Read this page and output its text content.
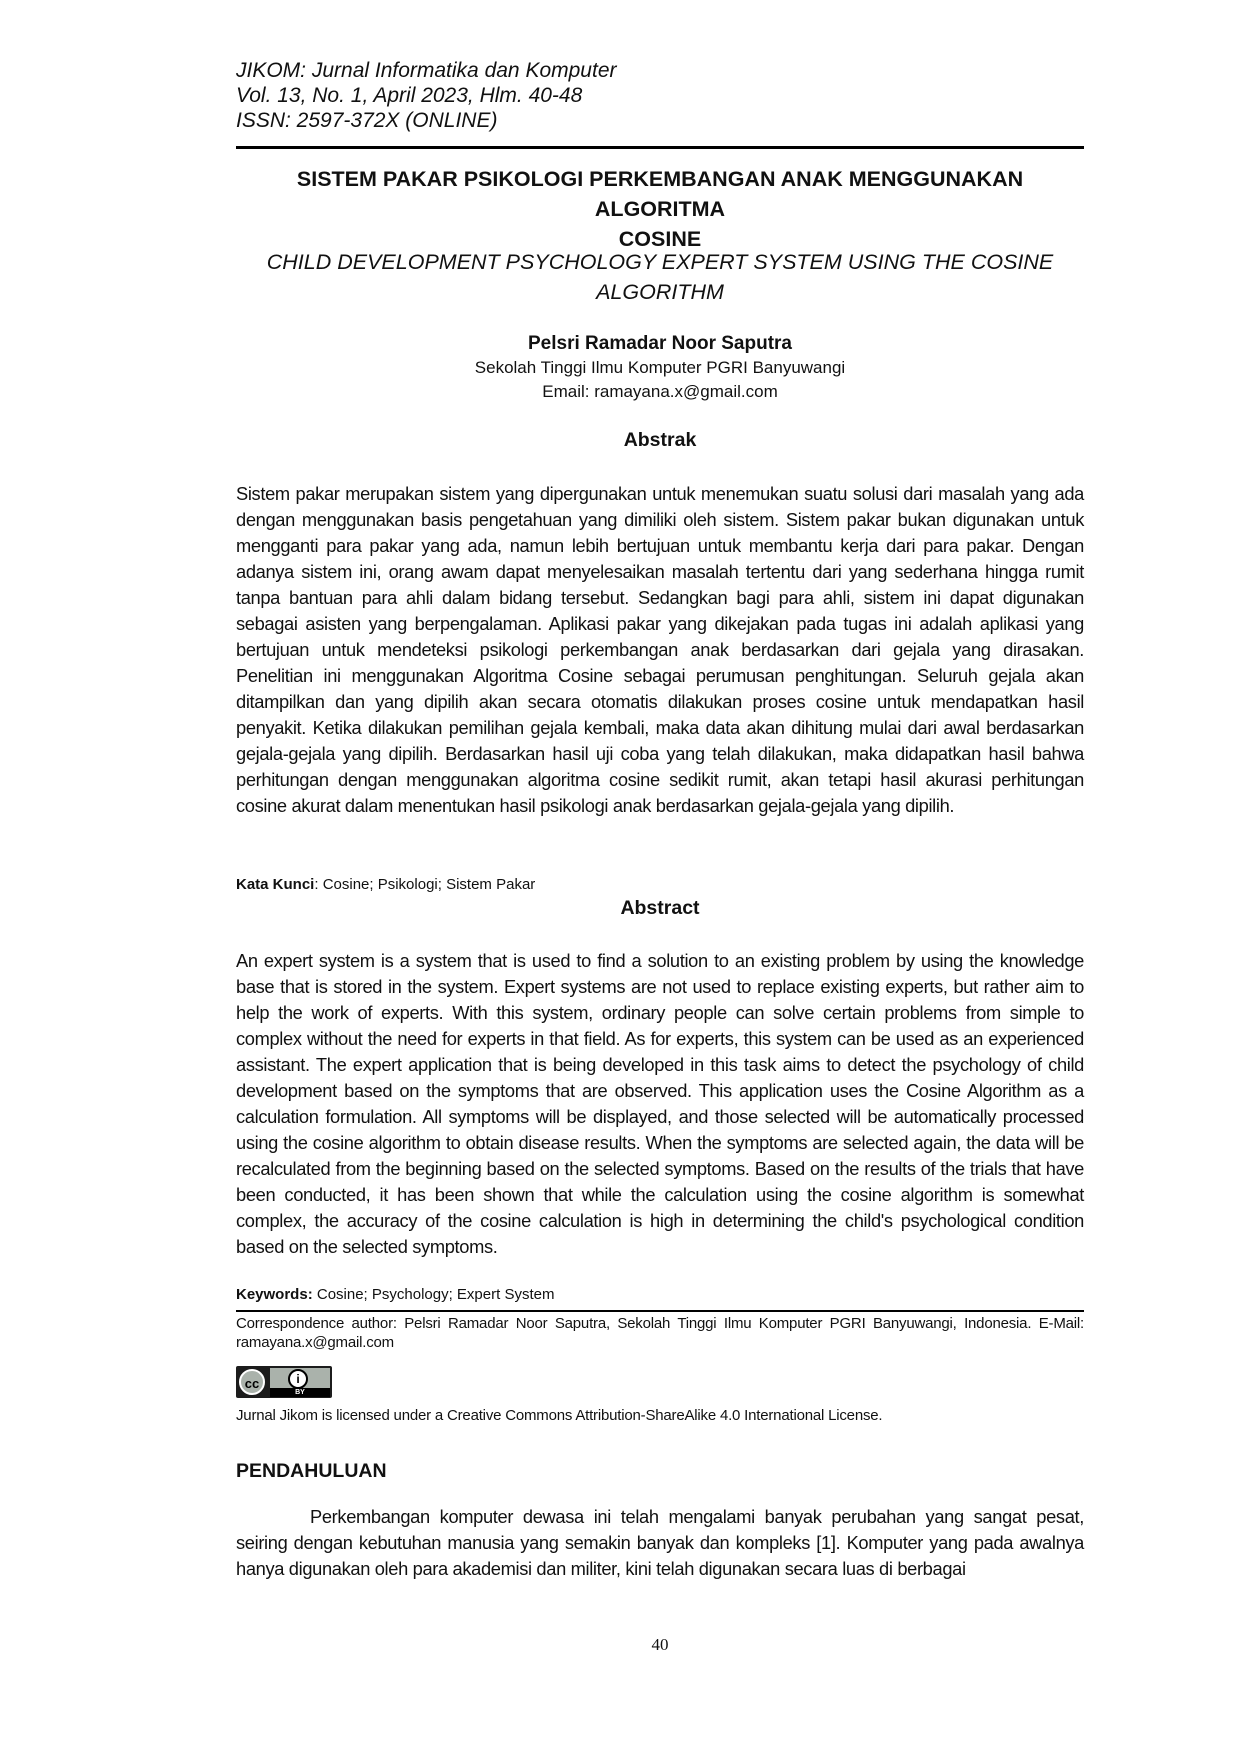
JIKOM: Jurnal Informatika dan Komputer
Vol. 13, No. 1, April 2023, Hlm. 40-48
ISSN: 2597-372X (ONLINE)
SISTEM PAKAR PSIKOLOGI PERKEMBANGAN ANAK MENGGUNAKAN ALGORITMA
COSINE
CHILD DEVELOPMENT PSYCHOLOGY EXPERT SYSTEM USING THE COSINE
ALGORITHM
Pelsri Ramadar Noor Saputra
Sekolah Tinggi Ilmu Komputer PGRI Banyuwangi
Email: ramayana.x@gmail.com
Abstrak

Sistem pakar merupakan sistem yang dipergunakan untuk menemukan suatu solusi dari masalah yang ada dengan menggunakan basis pengetahuan yang dimiliki oleh sistem. Sistem pakar bukan digunakan untuk mengganti para pakar yang ada, namun lebih bertujuan untuk membantu kerja dari para pakar. Dengan adanya sistem ini, orang awam dapat menyelesaikan masalah tertentu dari yang sederhana hingga rumit tanpa bantuan para ahli dalam bidang tersebut. Sedangkan bagi para ahli, sistem ini dapat digunakan sebagai asisten yang berpengalaman. Aplikasi pakar yang dikejakan pada tugas ini adalah aplikasi yang bertujuan untuk mendeteksi psikologi perkembangan anak berdasarkan dari gejala yang dirasakan. Penelitian ini menggunakan Algoritma Cosine sebagai perumusan penghitungan. Seluruh gejala akan ditampilkan dan yang dipilih akan secara otomatis dilakukan proses cosine untuk mendapatkan hasil penyakit. Ketika dilakukan pemilihan gejala kembali, maka data akan dihitung mulai dari awal berdasarkan gejala-gejala yang dipilih. Berdasarkan hasil uji coba yang telah dilakukan, maka didapatkan hasil bahwa perhitungan dengan menggunakan algoritma cosine sedikit rumit, akan tetapi hasil akurasi perhitungan cosine akurat dalam menentukan hasil psikologi anak berdasarkan gejala-gejala yang dipilih.

Kata Kunci: Cosine; Psikologi; Sistem Pakar
Abstract

An expert system is a system that is used to find a solution to an existing problem by using the knowledge base that is stored in the system. Expert systems are not used to replace existing experts, but rather aim to help the work of experts. With this system, ordinary people can solve certain problems from simple to complex without the need for experts in that field. As for experts, this system can be used as an experienced assistant. The expert application that is being developed in this task aims to detect the psychology of child development based on the symptoms that are observed. This application uses the Cosine Algorithm as a calculation formulation. All symptoms will be displayed, and those selected will be automatically processed using the cosine algorithm to obtain disease results. When the symptoms are selected again, the data will be recalculated from the beginning based on the selected symptoms. Based on the results of the trials that have been conducted, it has been shown that while the calculation using the cosine algorithm is somewhat complex, the accuracy of the cosine calculation is high in determining the child's psychological condition based on the selected symptoms.

Keywords: Cosine; Psychology; Expert System
Correspondence author: Pelsri Ramadar Noor Saputra, Sekolah Tinggi Ilmu Komputer PGRI Banyuwangi, Indonesia. E-Mail: ramayana.x@gmail.com
cc	i
BY
Jurnal Jikom is licensed under a Creative Commons Attribution-ShareAlike 4.0 International License.
PENDAHULUAN

Perkembangan komputer dewasa ini telah mengalami banyak perubahan yang sangat pesat, seiring dengan kebutuhan manusia yang semakin banyak dan kompleks [1]. Komputer yang pada awalnya hanya digunakan oleh para akademisi dan militer, kini telah digunakan secara luas di berbagai

40
